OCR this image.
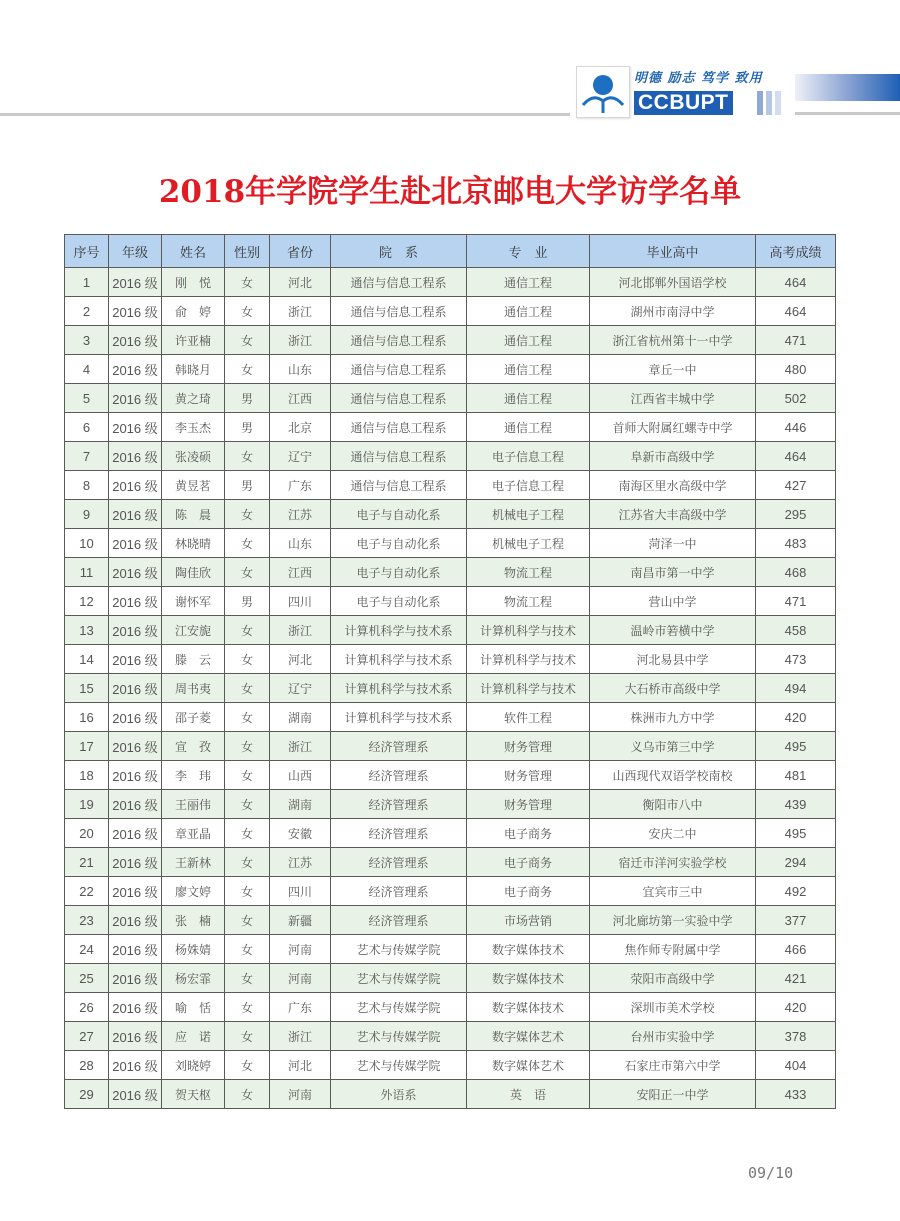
明德 励志 笃学 致用
CCBUPT
2018年学院学生赴北京邮电大学访学名单
序号	年级	姓名	性别	省份	院　系	专　业	毕业高中	高考成绩
1	2016 级	刚　悦	女	河北	通信与信息工程系	通信工程	河北邯郸外国语学校	464
2	2016 级	俞　婷	女	浙江	通信与信息工程系	通信工程	湖州市南浔中学	464
3	2016 级	许亚楠	女	浙江	通信与信息工程系	通信工程	浙江省杭州第十一中学	471
4	2016 级	韩晓月	女	山东	通信与信息工程系	通信工程	章丘一中	480
5	2016 级	黄之琦	男	江西	通信与信息工程系	通信工程	江西省丰城中学	502
6	2016 级	李玉杰	男	北京	通信与信息工程系	通信工程	首师大附属红螺寺中学	446
7	2016 级	张凌硕	女	辽宁	通信与信息工程系	电子信息工程	阜新市高级中学	464
8	2016 级	黄昱茗	男	广东	通信与信息工程系	电子信息工程	南海区里水高级中学	427
9	2016 级	陈　晨	女	江苏	电子与自动化系	机械电子工程	江苏省大丰高级中学	295
10	2016 级	林晓晴	女	山东	电子与自动化系	机械电子工程	菏泽一中	483
11	2016 级	陶佳欣	女	江西	电子与自动化系	物流工程	南昌市第一中学	468
12	2016 级	谢怀军	男	四川	电子与自动化系	物流工程	营山中学	471
13	2016 级	江安旎	女	浙江	计算机科学与技术系	计算机科学与技术	温岭市箬横中学	458
14	2016 级	滕　云	女	河北	计算机科学与技术系	计算机科学与技术	河北易县中学	473
15	2016 级	周书夷	女	辽宁	计算机科学与技术系	计算机科学与技术	大石桥市高级中学	494
16	2016 级	邵子菱	女	湖南	计算机科学与技术系	软件工程	株洲市九方中学	420
17	2016 级	宣　孜	女	浙江	经济管理系	财务管理	义乌市第三中学	495
18	2016 级	李　玮	女	山西	经济管理系	财务管理	山西现代双语学校南校	481
19	2016 级	王丽伟	女	湖南	经济管理系	财务管理	衡阳市八中	439
20	2016 级	章亚晶	女	安徽	经济管理系	电子商务	安庆二中	495
21	2016 级	王新林	女	江苏	经济管理系	电子商务	宿迁市洋河实验学校	294
22	2016 级	廖文婷	女	四川	经济管理系	电子商务	宜宾市三中	492
23	2016 级	张　楠	女	新疆	经济管理系	市场营销	河北廊坊第一实验中学	377
24	2016 级	杨姝婧	女	河南	艺术与传媒学院	数字媒体技术	焦作师专附属中学	466
25	2016 级	杨宏霏	女	河南	艺术与传媒学院	数字媒体技术	荥阳市高级中学	421
26	2016 级	喻　恬	女	广东	艺术与传媒学院	数字媒体技术	深圳市美术学校	420
27	2016 级	应　诺	女	浙江	艺术与传媒学院	数字媒体艺术	台州市实验中学	378
28	2016 级	刘晓婷	女	河北	艺术与传媒学院	数字媒体艺术	石家庄市第六中学	404
29	2016 级	贺天枢	女	河南	外语系	英　语	安阳正一中学	433
09/10
